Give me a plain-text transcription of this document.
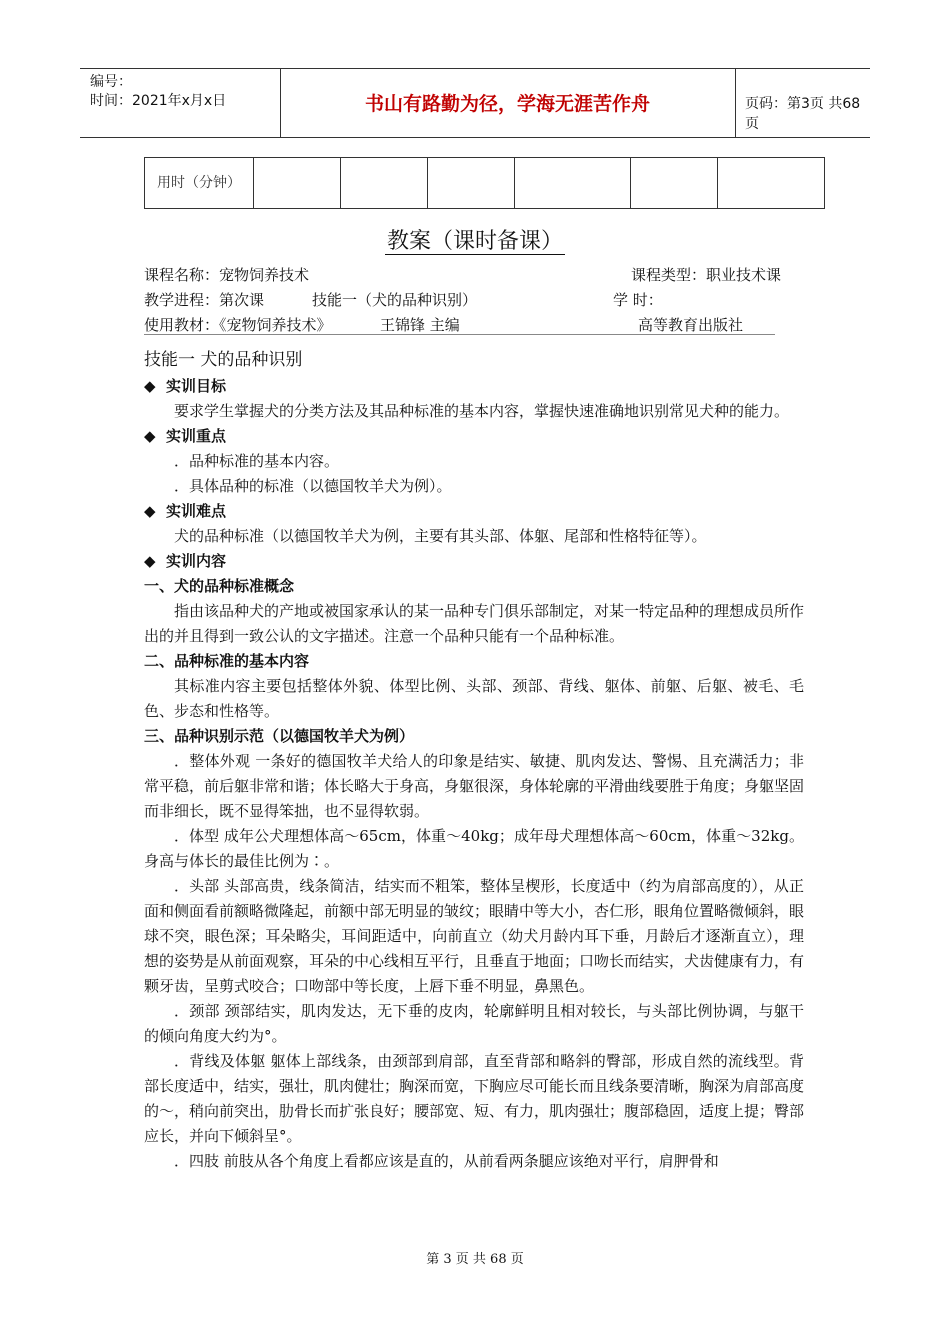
编号：
时间：2021年x月x日	书山有路勤为径，学海无涯苦作舟	页码：第3页 共68页
用时（分钟）						
教案（课时备课）
课程名称：宠物饲养技术	课程类型：职业技术课
教学进程：第次课	技能一（犬的品种识别）	学 时：
使用教材：《宠物饲养技术》	王锦锋 主编	高等教育出版社
技能一 犬的品种识别
◆ 实训目标

要求学生掌握犬的分类方法及其品种标准的基本内容，掌握快速准确地识别常见犬种的能力。

◆ 实训重点

．品种标准的基本内容。

．具体品种的标准（以德国牧羊犬为例）。

◆ 实训难点

犬的品种标准（以德国牧羊犬为例，主要有其头部、体躯、尾部和性格特征等）。

◆ 实训内容
一、犬的品种标准概念

指由该品种犬的产地或被国家承认的某一品种专门俱乐部制定，对某一特定品种的理想成员所作出的并且得到一致公认的文字描述。注意一个品种只能有一个品种标准。

二、品种标准的基本内容

其标准内容主要包括整体外貌、体型比例、头部、颈部、背线、躯体、前躯、后躯、被毛、毛色、步态和性格等。

三、品种识别示范（以德国牧羊犬为例）

．整体外观 一条好的德国牧羊犬给人的印象是结实、敏捷、肌肉发达、警惕、且充满活力；非常平稳，前后躯非常和谐；体长略大于身高，身躯很深，身体轮廓的平滑曲线要胜于角度；身躯坚固而非细长，既不显得笨拙，也不显得软弱。

．体型 成年公犬理想体高～65cm，体重～40kg；成年母犬理想体高～60cm，体重～32kg。身高与体长的最佳比例为∶。

．头部 头部高贵，线条简洁，结实而不粗笨，整体呈楔形，长度适中（约为肩部高度的），从正面和侧面看前额略微隆起，前额中部无明显的皱纹；眼睛中等大小，杏仁形，眼角位置略微倾斜，眼球不突，眼色深；耳朵略尖，耳间距适中，向前直立（幼犬月龄内耳下垂，月龄后才逐渐直立），理想的姿势是从前面观察，耳朵的中心线相互平行，且垂直于地面；口吻长而结实，犬齿健康有力，有颗牙齿，呈剪式咬合；口吻部中等长度，上唇下垂不明显，鼻黑色。

．颈部 颈部结实，肌肉发达，无下垂的皮肉，轮廓鲜明且相对较长，与头部比例协调，与躯干的倾向角度大约为°。

．背线及体躯 躯体上部线条，由颈部到肩部，直至背部和略斜的臀部，形成自然的流线型。背部长度适中，结实，强壮，肌肉健壮；胸深而宽，下胸应尽可能长而且线条要清晰，胸深为肩部高度的～，稍向前突出，肋骨长而扩张良好；腰部宽、短、有力，肌肉强壮；腹部稳固，适度上提；臀部应长，并向下倾斜呈°。

．四肢 前肢从各个角度上看都应该是直的，从前看两条腿应该绝对平行，肩胛骨和

第 3 页 共 68 页
